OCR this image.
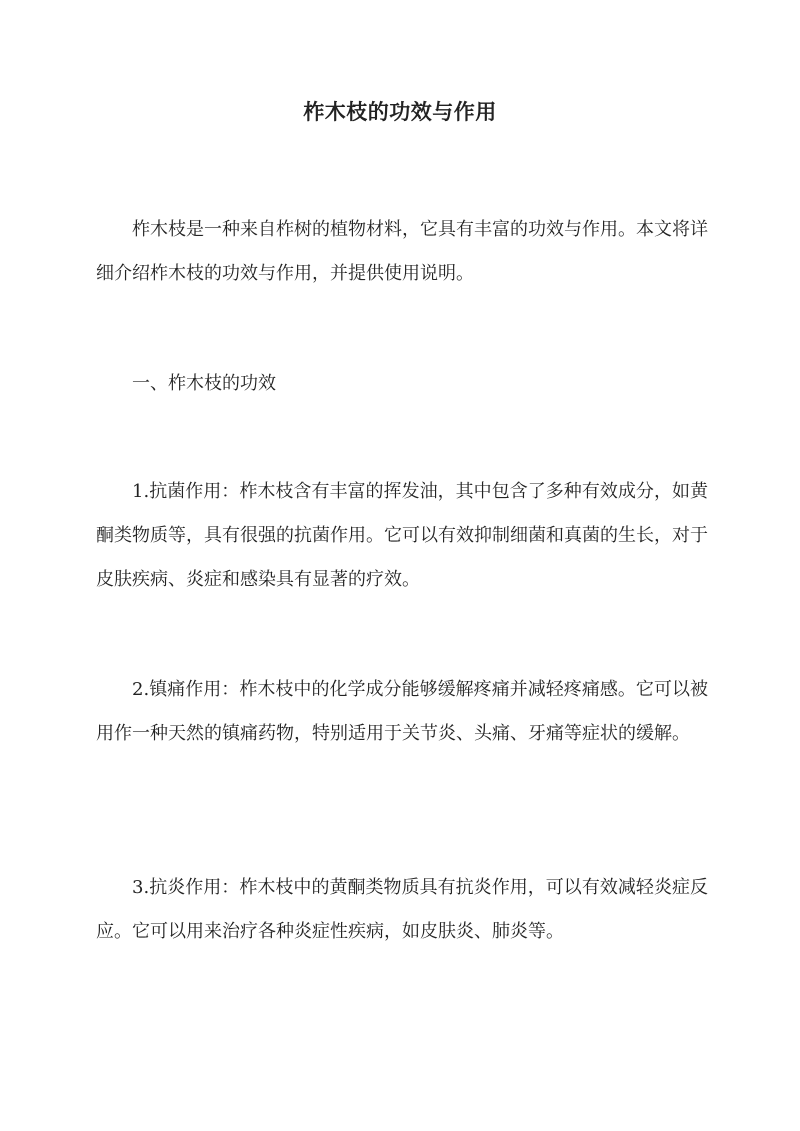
柞木枝的功效与作用

柞木枝是一种来自柞树的植物材料，它具有丰富的功效与作用。本文将详细介绍柞木枝的功效与作用，并提供使用说明。

一、柞木枝的功效

1.抗菌作用：柞木枝含有丰富的挥发油，其中包含了多种有效成分，如黄酮类物质等，具有很强的抗菌作用。它可以有效抑制细菌和真菌的生长，对于皮肤疾病、炎症和感染具有显著的疗效。

2.镇痛作用：柞木枝中的化学成分能够缓解疼痛并减轻疼痛感。它可以被用作一种天然的镇痛药物，特别适用于关节炎、头痛、牙痛等症状的缓解。

3.抗炎作用：柞木枝中的黄酮类物质具有抗炎作用，可以有效减轻炎症反应。它可以用来治疗各种炎症性疾病，如皮肤炎、肺炎等。
